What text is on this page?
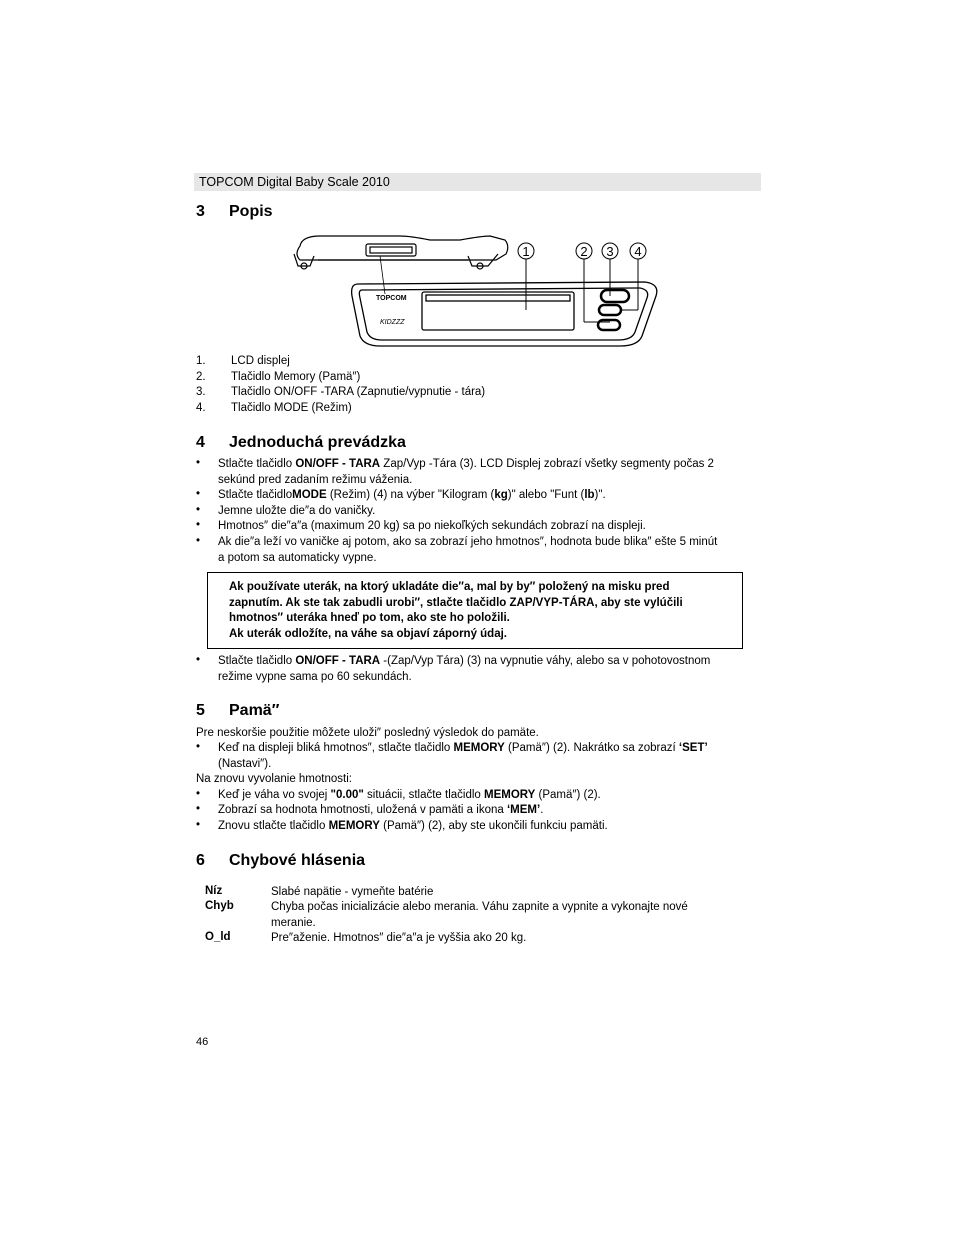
TOPCOM Digital Baby Scale 2010
3 Popis
TOPCOM
KIDZZZ
1	2 3 4
1. LCD displej
2. Tlačidlo Memory (Pamä″)
3. Tlačidlo ON/OFF -TARA (Zapnutie/vypnutie - tára)
4. Tlačidlo MODE (Režim)
4 Jednoduchá prevádzka
• Stlačte tlačidlo ON/OFF - TARA Zap/Vyp -Tára (3). LCD Displej zobrazí všetky segmenty počas 2
sekúnd pred zadaním režimu váženia.
• Stlačte tlačidloMODE (Režim) (4) na výber "Kilogram (kg)" alebo "Funt (lb)".
• Jemne uložte die″a do vaničky.
• Hmotnos″ die″a″a (maximum 20 kg) sa po niekoľkých sekundách zobrazí na displeji.
• Ak die″a leží vo vaničke aj potom, ako sa zobrazí jeho hmotnos″, hodnota bude blika″ ešte 5 minút
a potom sa automaticky vypne.
Ak používate uterák, na ktorý ukladáte die″a, mal by by″ položený na misku pred
zapnutím. Ak ste tak zabudli urobi″, stlačte tlačidlo ZAP/VYP-TÁRA, aby ste vylúčili
hmotnos″ uteráka hneď po tom, ako ste ho položili.
Ak uterák odložíte, na váhe sa objaví záporný údaj.
• Stlačte tlačidlo ON/OFF - TARA -(Zap/Vyp Tára) (3) na vypnutie váhy, alebo sa v pohotovostnom
režime vypne sama po 60 sekundách.
5 Pamä″
Pre neskoršie použitie môžete uloži″ posledný výsledok do pamäte.
• Keď na displeji bliká hmotnos″, stlačte tlačidlo MEMORY (Pamä″) (2). Nakrátko sa zobrazí ‘SET’
(Nastavi″).
Na znovu vyvolanie hmotnosti:
• Keď je váha vo svojej "0.00" situácii, stlačte tlačidlo MEMORY (Pamä″) (2).
• Zobrazí sa hodnota hmotnosti, uložená v pamäti a ikona ‘MEM’.
• Znovu stlačte tlačidlo MEMORY (Pamä″) (2), aby ste ukončili funkciu pamäti.
6 Chybové hlásenia
Níz	Slabé napätie - vymeňte batérie
Chyb	Chyba počas inicializácie alebo merania. Váhu zapnite a vypnite a vykonajte nové
meranie.
O_ld	Pre″aženie. Hmotnos″ die″a″a je vyššia ako 20 kg.
46
